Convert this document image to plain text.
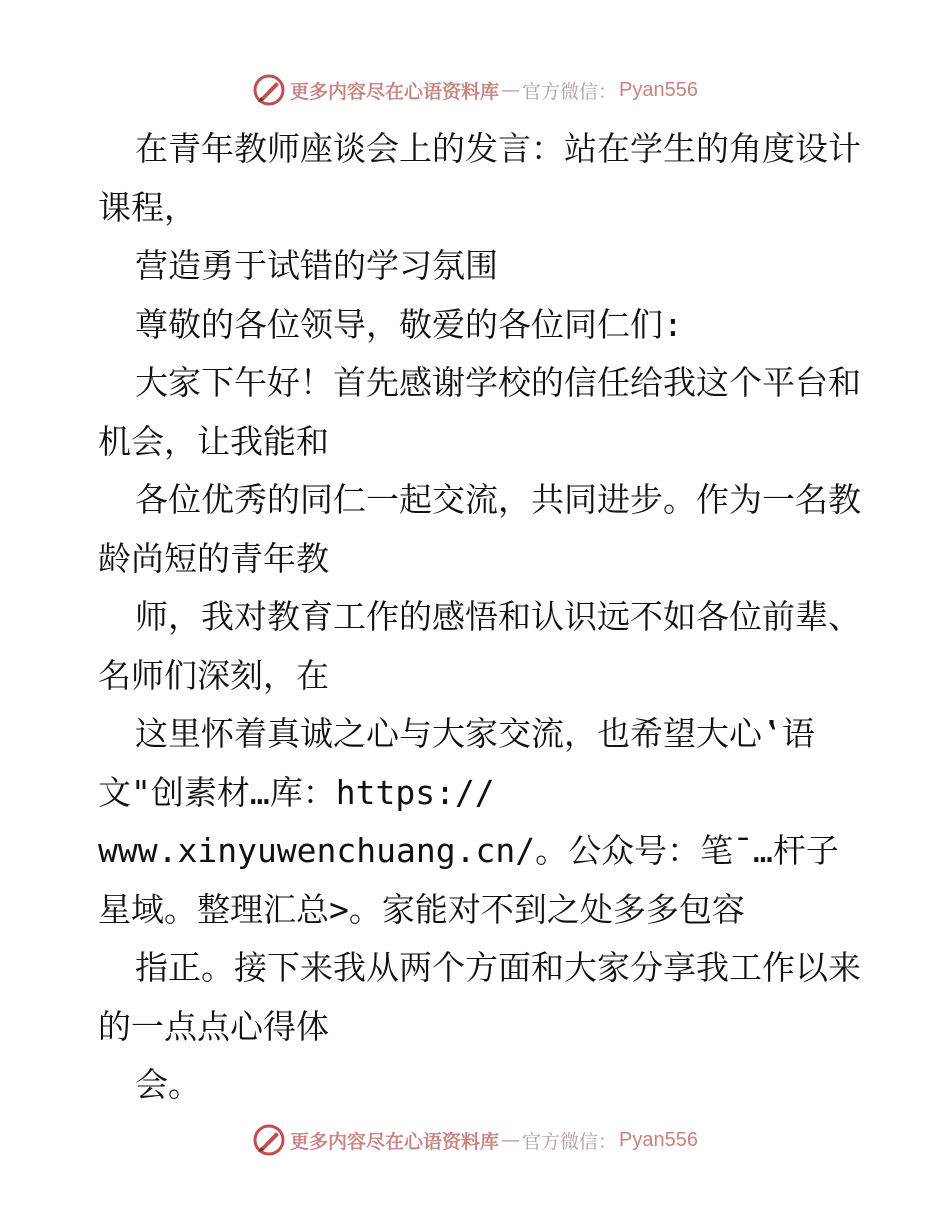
更多内容尽在心语资料库 — 官方微信： Pyan556

在青年教师座谈会上的发言：站在学生的角度设计课程，

营造勇于试错的学习氛围

尊敬的各位领导，敬爱的各位同仁们:

大家下午好！首先感谢学校的信任给我这个平台和机会，让我能和

各位优秀的同仁一起交流，共同进步。作为一名教龄尚短的青年教

师，我对教育工作的感悟和认识远不如各位前辈、名师们深刻，在

这里怀着真诚之心与大家交流，也希望大心‛语文"创素材…库：https://

www.xinyuwenchuang.cn/。公众号：笔¯…杆子星域。整理汇总>。家能对不到之处多多包容

指正。接下来我从两个方面和大家分享我工作以来的一点点心得体

会。

更多内容尽在心语资料库 — 官方微信： Pyan556
